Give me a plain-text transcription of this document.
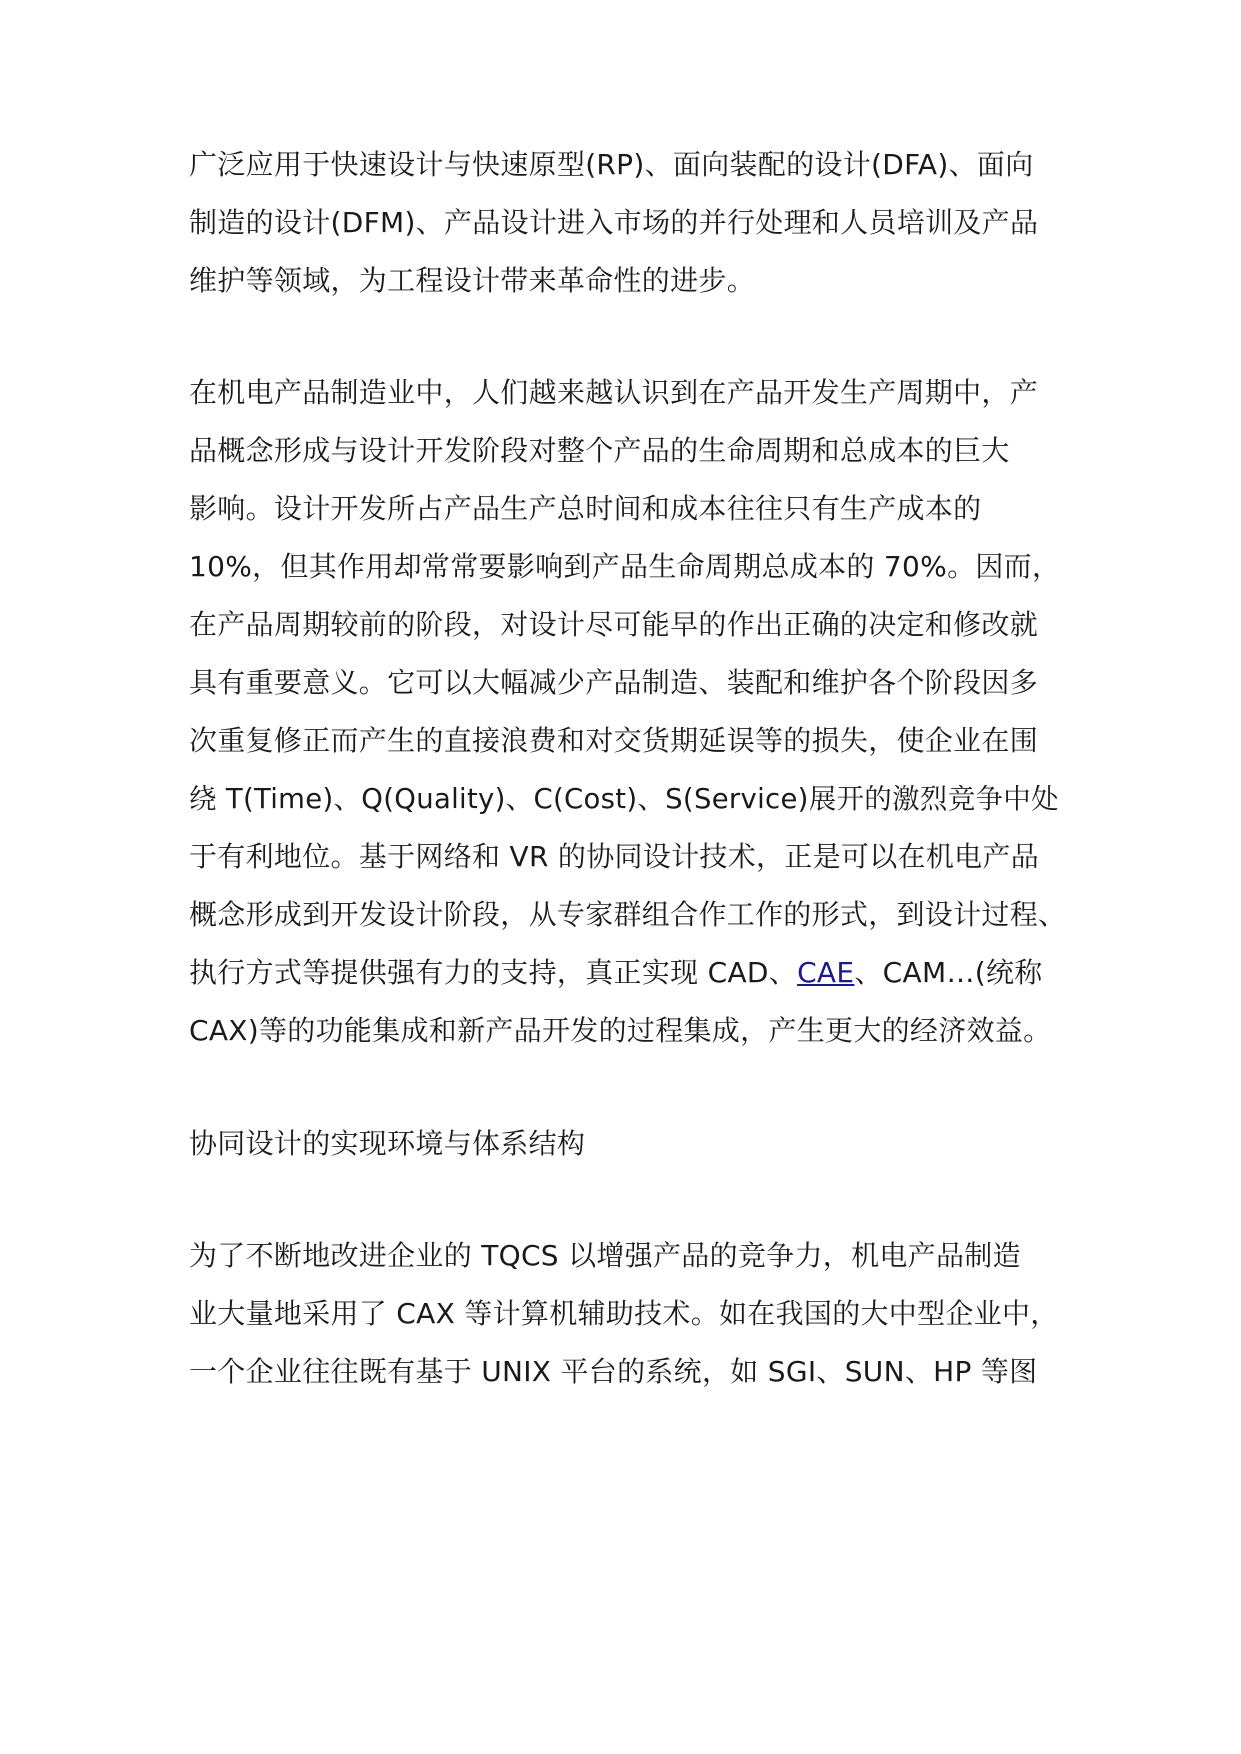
广泛应用于快速设计与快速原型(RP)、面向装配的设计(DFA)、面向

制造的设计(DFM)、产品设计进入市场的并行处理和人员培训及产品

维护等领域，为工程设计带来革命性的进步。

在机电产品制造业中，人们越来越认识到在产品开发生产周期中，产

品概念形成与设计开发阶段对整个产品的生命周期和总成本的巨大

影响。设计开发所占产品生产总时间和成本往往只有生产成本的

10%，但其作用却常常要影响到产品生命周期总成本的 70%。因而，

在产品周期较前的阶段，对设计尽可能早的作出正确的决定和修改就

具有重要意义。它可以大幅减少产品制造、装配和维护各个阶段因多

次重复修正而产生的直接浪费和对交货期延误等的损失，使企业在围

绕 T(Time)、Q(Quality)、C(Cost)、S(Service)展开的激烈竞争中处

于有利地位。基于网络和 VR 的协同设计技术，正是可以在机电产品

概念形成到开发设计阶段，从专家群组合作工作的形式，到设计过程、

执行方式等提供强有力的支持，真正实现 CAD、CAE、CAM…(统称

CAX)等的功能集成和新产品开发的过程集成，产生更大的经济效益。

协同设计的实现环境与体系结构

为了不断地改进企业的 TQCS 以增强产品的竞争力，机电产品制造

业大量地采用了 CAX 等计算机辅助技术。如在我国的大中型企业中，

一个企业往往既有基于 UNIX 平台的系统，如 SGI、SUN、HP 等图
